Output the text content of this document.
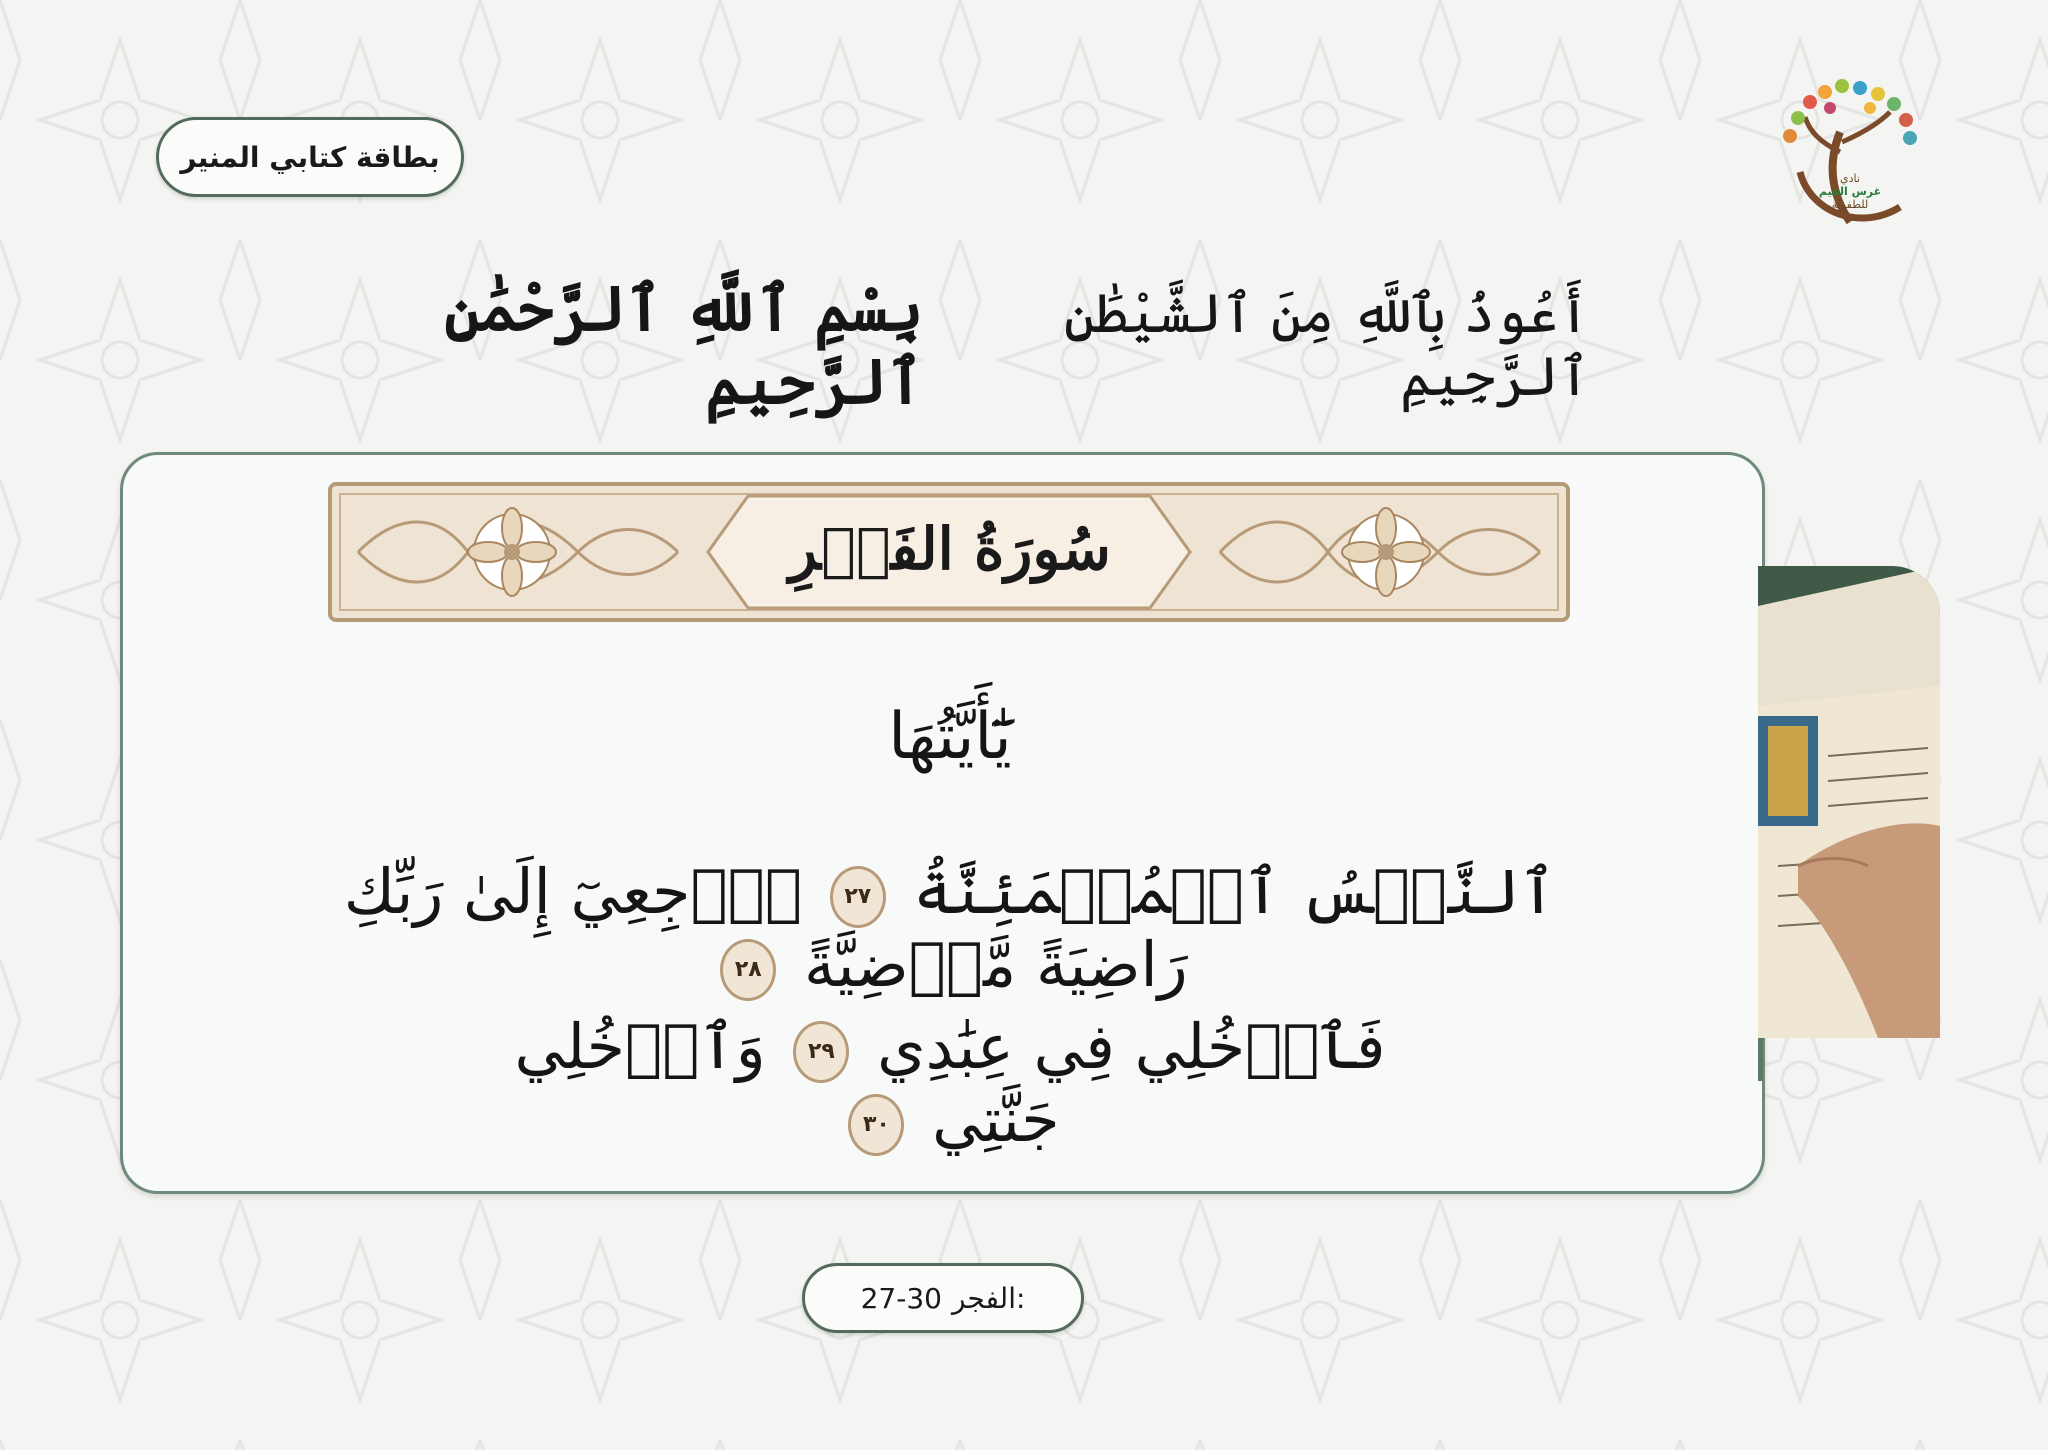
بطاقة كتابي المنير
نادي
غرس القيم
للطفولة
أَعُوذُ بِٱللَّهِ مِنَ ٱلشَّيْطَٰنِ ٱلرَّجِيمِ
بِسْمِ ٱللَّهِ ٱلرَّحْمَٰنِ ٱلرَّحِيمِ
سُورَةُ الفَجۡرِ
يَٰٓأَيَّتُهَا
ٱلنَّفۡسُ ٱلۡمُطۡمَئِنَّةُ ٢٧ ٱرۡجِعِيٓ إِلَىٰ رَبِّكِ رَاضِيَةً مَّرۡضِيَّةً ٢٨
فَٱدۡخُلِي فِي عِبَٰدِي ٢٩ وَٱدۡخُلِي جَنَّتِي ٣٠
27-30 الفجر:
